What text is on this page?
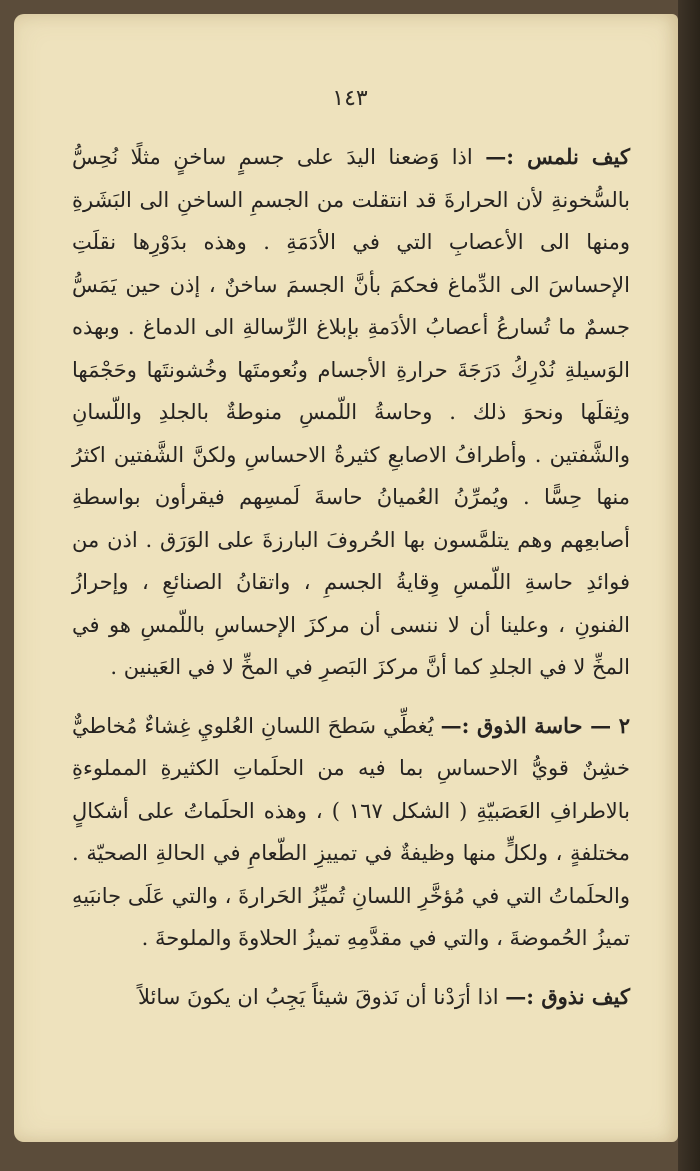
١٤٣

كيف نلمس :— اذا وَضعنا اليدَ على جسمٍ ساخنٍ مثلًا نُحِسُّ بالسُّخونةِ لأن الحرارةَ قد انتقلت من الجسمِ الساخنِ الى البَشَرةِ ومنها الى الأعصابِ التي في الأدَمَةِ . وهذه بدَوْرِها نقلَتِ الإحساسَ الى الدِّماغ فحكمَ بأنَّ الجسمَ ساخنٌ ، إذن حين يَمَسُّ جسمٌ ما تُسارعُ أعصابُ الأدَمةِ بإبلاغ الرِّسالةِ الى الدماغ . وبهذه الوَسيلةِ نُدْرِكُ دَرَجَةَ حرارةِ الأجسام ونُعومتَها وخُشونتَها وحَجْمَها وثِقلَها ونحوَ ذلك . وحاسةُ اللّمسِ منوطةٌ بالجلدِ واللّسانِ والشَّفتين . وأطرافُ الاصابعِ كثيرةُ الاحساسِ ولكنَّ الشَّفتين اكثرُ منها حِسًّا . ويُمرِّنُ العُميانُ حاسةَ لَمسِهم فيقرأون بواسطةِ أصابعِهم وهم يتلمَّسون بها الحُروفَ البارزةَ على الوَرَق . اذن من فوائدِ حاسةِ اللّمسِ وِقايةُ الجسمِ ، واتقانُ الصنائعِ ، وإحرازُ الفنونِ ، وعلينا أن لا ننسى أن مركزَ الإحساسِ باللّمسِ هو في المخِّ لا في الجلدِ كما أنَّ مركزَ البَصرِ في المخِّ لا في العَينين .

٢ — حاسة الذوق :— يُغطِّي سَطحَ اللسانِ العُلويِ غِشاءٌ مُخاطيٌّ خشِنٌ قويُّ الاحساسِ بما فيه من الحلَماتِ الكثيرةِ المملوءةِ بالاطرافِ العَصَبيّةِ ( الشكل ١٦٧ ) ، وهذه الحلَماتُ على أشكالٍ مختلفةٍ ، ولكلٍّ منها وظيفةٌ في تمييزِ الطّعامِ في الحالةِ الصحيّة . والحلَماتُ التي في مُؤخَّرِ اللسانِ تُميِّزُ الحَرارةَ ، والتي عَلَى جانبَيهِ تميزُ الحُموضةَ ، والتي في مقدَّمِهِ تميزُ الحلاوةَ والملوحةَ .

كيف نذوق :— اذا أرَدْنا أن نَذوقَ شيئاً يَجِبُ ان يكونَ سائلاً
